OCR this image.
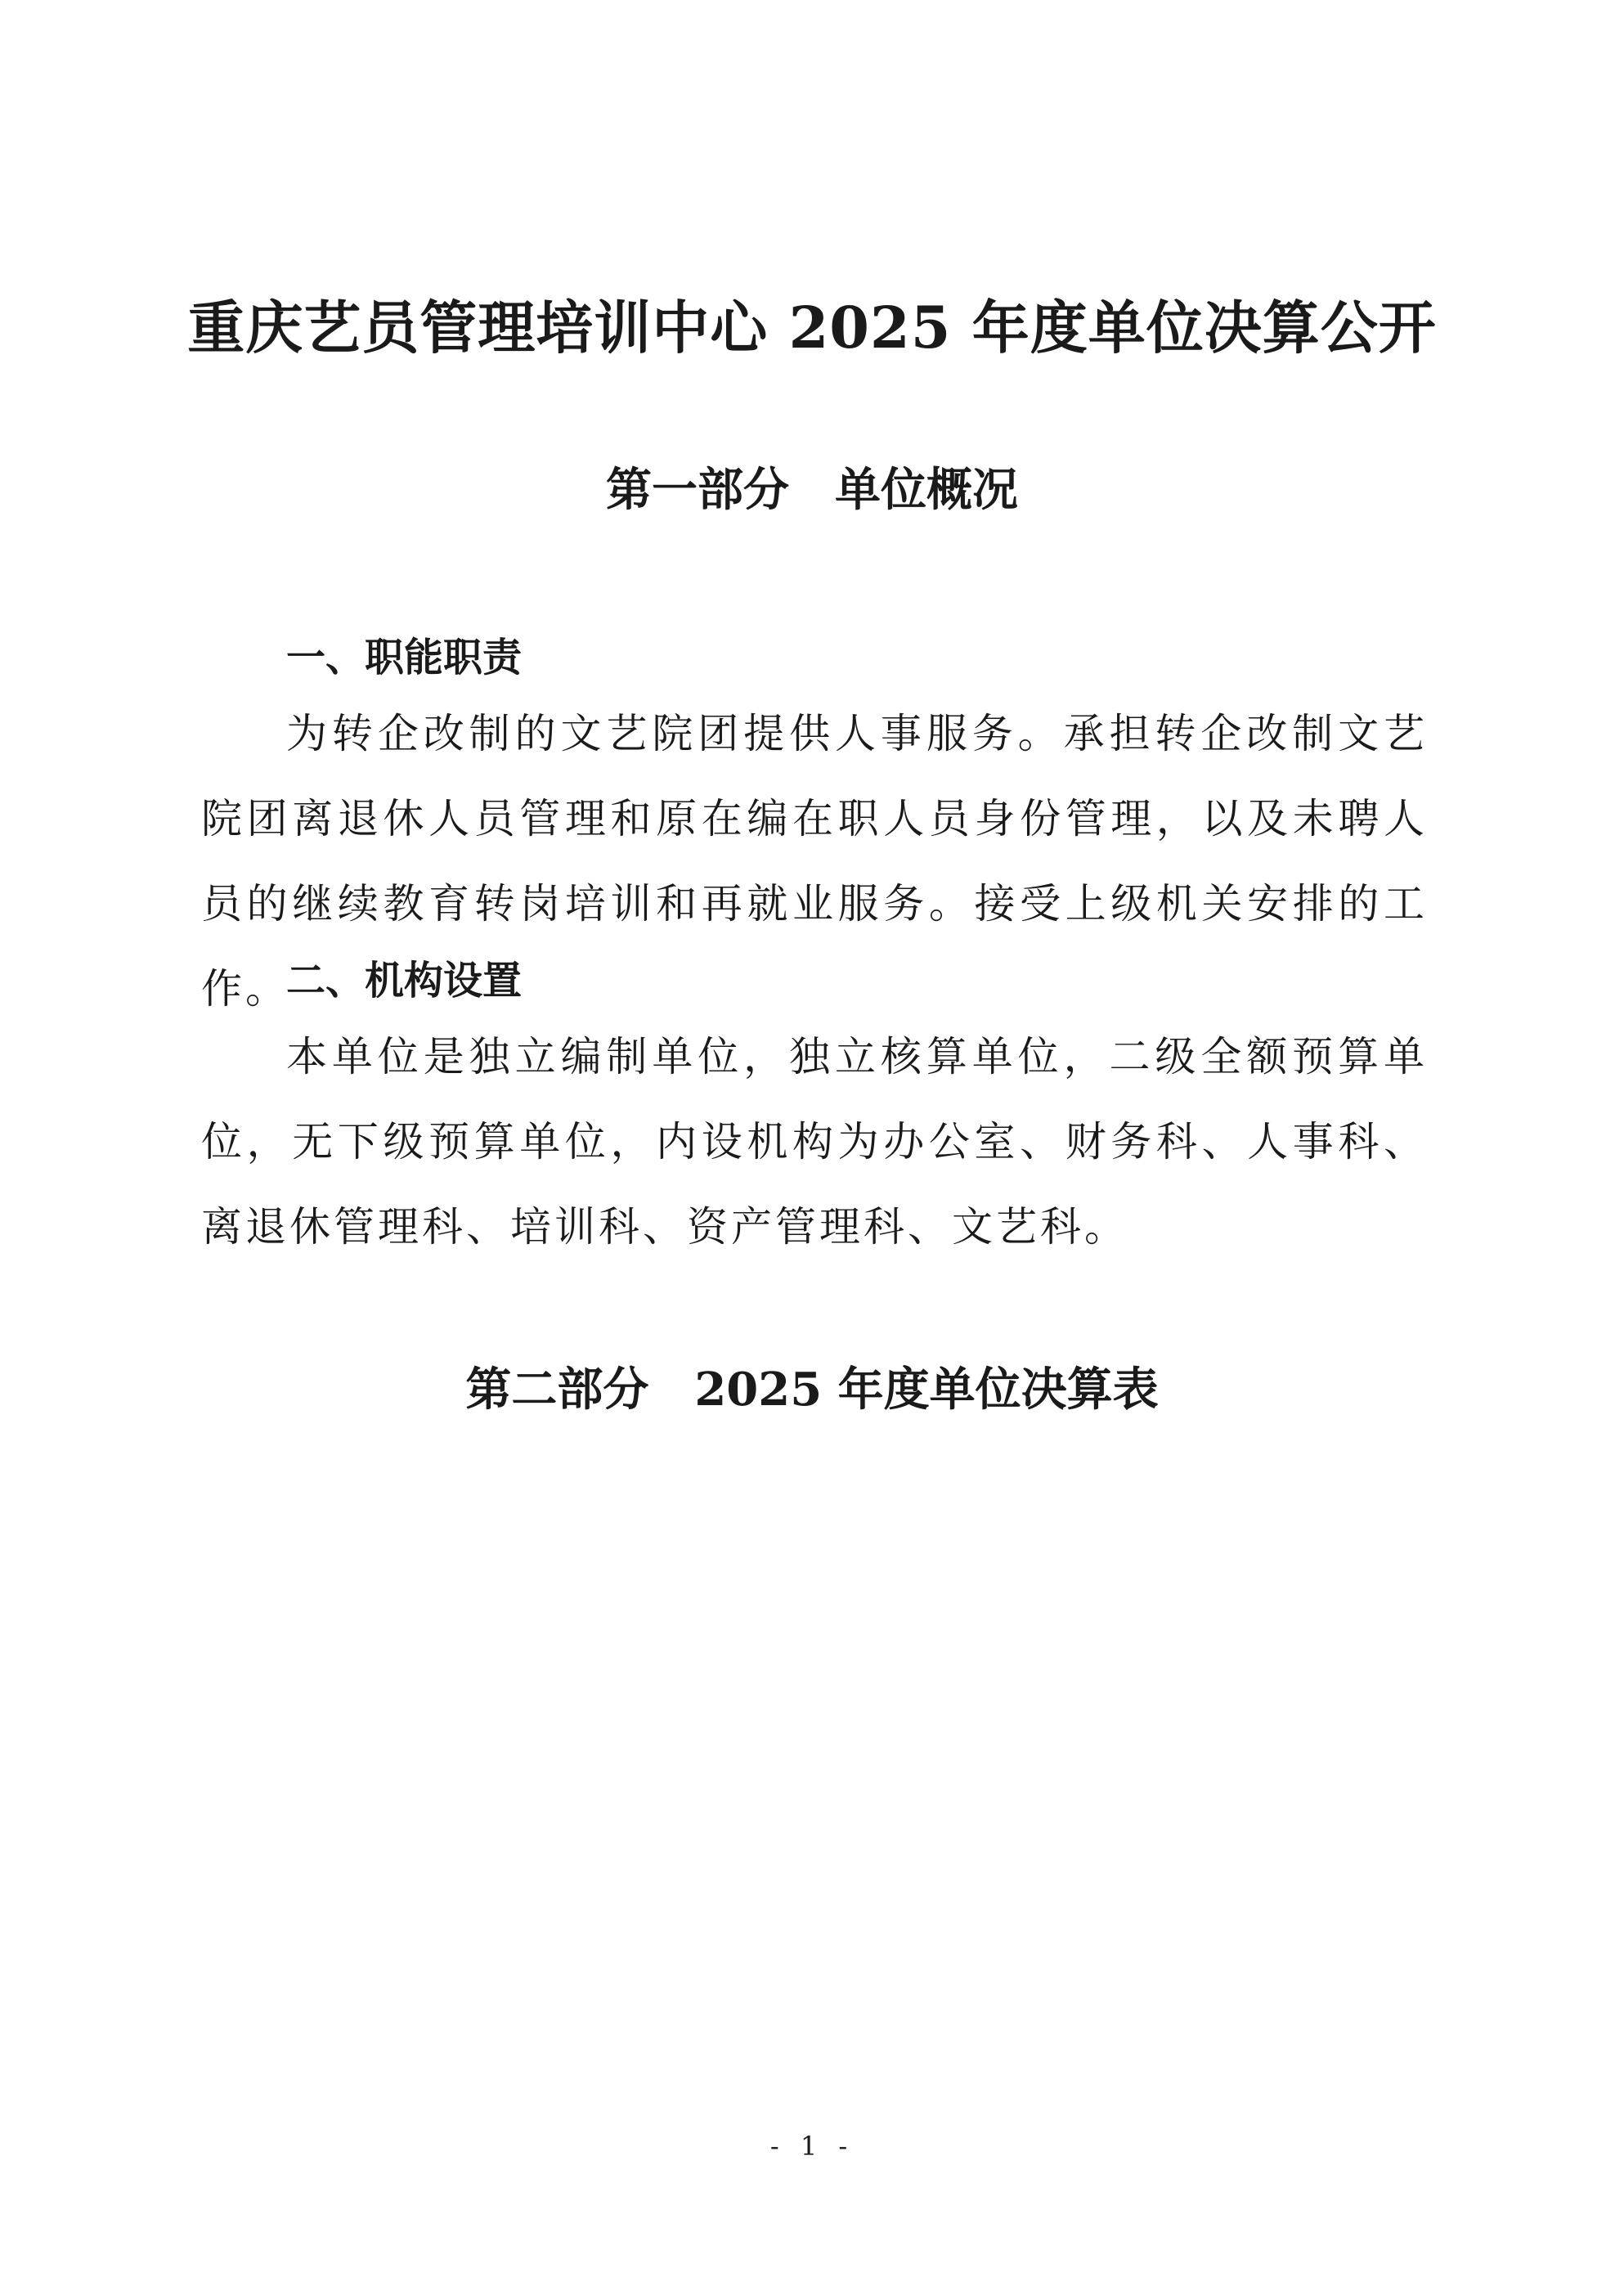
重庆艺员管理培训中心 2025 年度单位决算公开
第一部分　单位概况
一、职能职责

为转企改制的文艺院团提供人事服务。承担转企改制文艺院团离退休人员管理和原在编在职人员身份管理，以及未聘人员的继续教育转岗培训和再就业服务。接受上级机关安排的工作。

二、机构设置

本单位是独立编制单位，独立核算单位，二级全额预算单位，无下级预算单位，内设机构为办公室、财务科、人事科、离退休管理科、培训科、资产管理科、文艺科。

第二部分　2025 年度单位决算表
- 1 -
